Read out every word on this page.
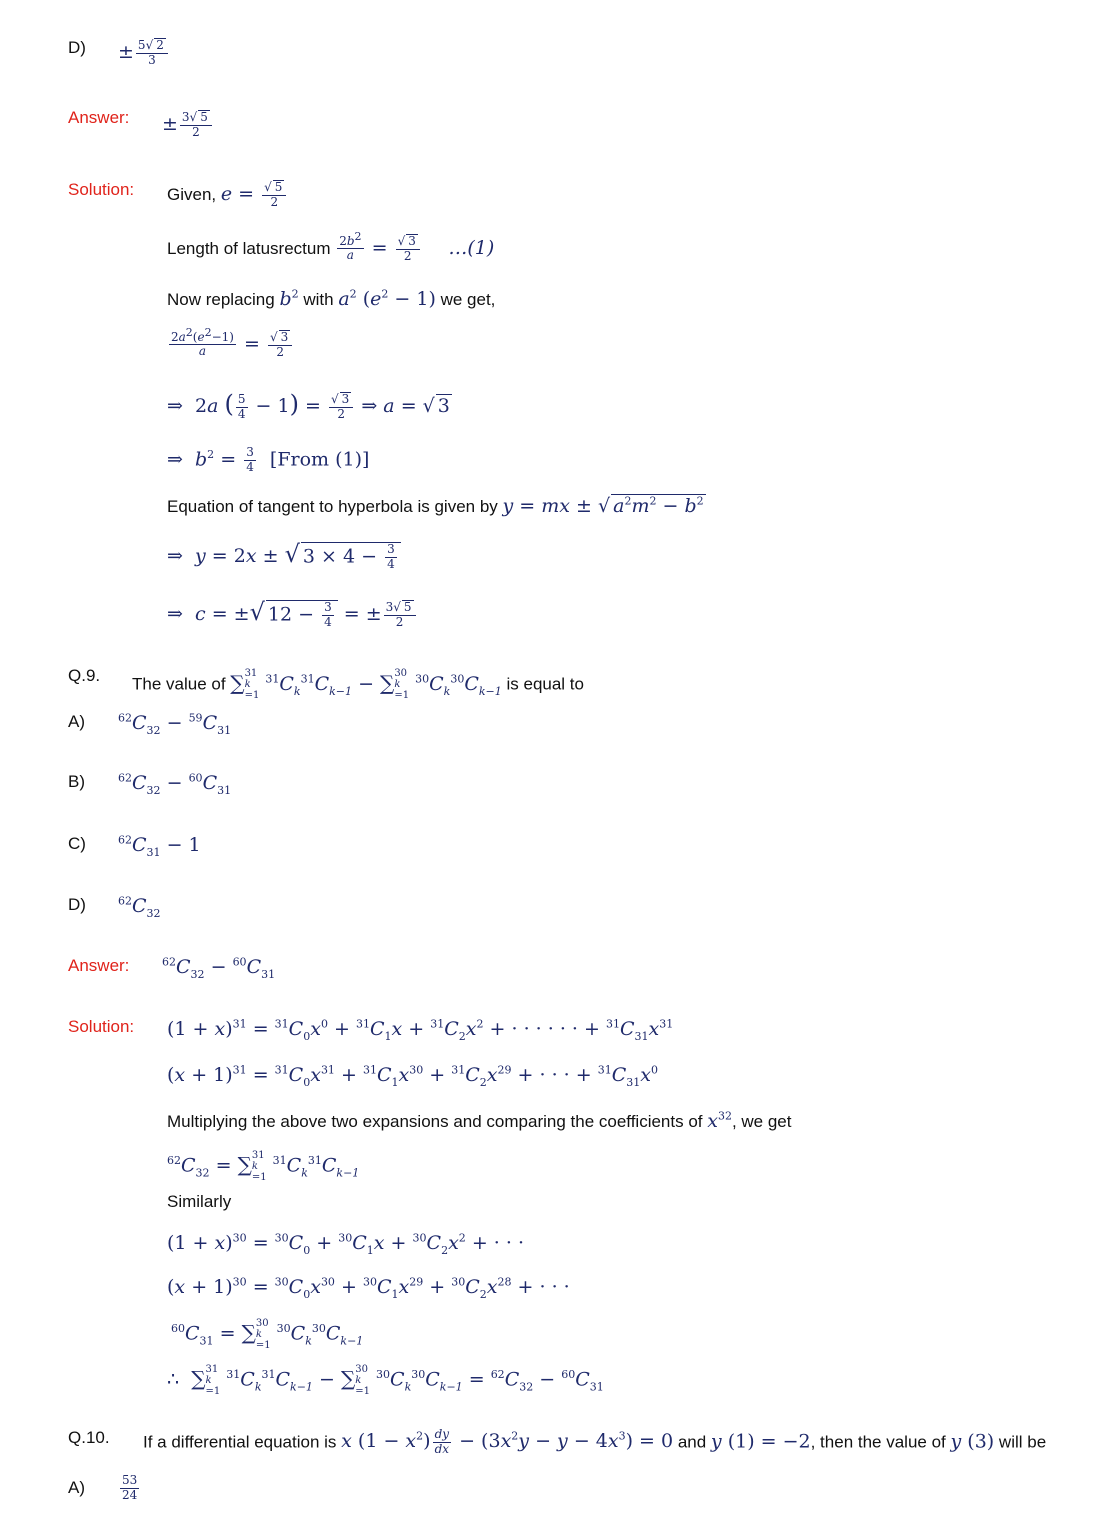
$D) \pm \frac{5√ 2}{3}$
Answer: ± $\frac{3√ 5}{2}$
Solution: Given, $e = \frac{√ 5}{2}$
Length of latusrectum $\frac{2b^2}{a} = \frac{√ 3}{2}$ …(1)
Now replacing $b^2$ with $a^2$ $(e^2 - 1)$ we get,
$\frac{2a^2(e^2-1)}{a} = \frac{√ 3}{2}$
⇒ 2a ( $\frac{5}{4} - 1) = \frac{√ 3}{2}$ ⇒ a = √ 3
⇒  $b^2 = \frac{3}{4}$ [From (1)]
Equation of tangent to hyperbola is given by y = mx ± √ $a^2m^2 - b^2$
⇒  y = 2x ± √ $3 \times 4 - \frac{3}{4}$
⇒  c = ±√ $12 - \frac{3}{4}$ = ± $\frac{3√ 5}{2}$
Q.9. The value of ∑ 31
k
=1
$^{31}C_k^{31}C_{k-1}$ − ∑ 30
k
=1
$^{30}C_k^{30}C_{k-1}$ is equal to
A)	$^{62}C_{32} - ^{59}C_{31}$
B)	$^{62}C_{32} - ^{60}C_{31}$
C)	$^{62}C_{31} - 1$
D)	$^{62}C_{32}$
Answer:	$^{62}C_{32} - ^{60}C_{31}$
Solution: $(1 + x)^{31} = ^{31}C_0x^0 + ^{31}C_1x + ^{31}C_2x^2$ + · · · · · · + $^{31}C_{31}x^{31}$
$(x + 1)^{31} = ^{31}C_0x^{31} + ^{31}C_1x^{30} + ^{31}C_2x^{29}$ + · · · + $^{31}C_{31}x^0$
Multiplying the above two expansions and comparing the coefficients of $x^{32}$, we get
$^{62}C_{32}$ = ∑ 31
k
=1
$^{31}C_k^{31}C_{k-1}$
Similarly
$(1 + x)^{30} = ^{30}C_0 + ^{30}C_1x + ^{30}C_2x^2$ + · · ·
$(x + 1)^{30} = ^{30}C_0x^{30} + ^{30}C_1x^{29} + ^{30}C_2x^{28}$ + · · ·
$^{60}C_{31}$ = ∑ 30
k
=1
$^{30}C_k^{30}C_{k-1}$
∴ ∑ 31
k
=1
$^{31}C_k^{31}C_{k-1}$ − ∑ 30
k
=1
$^{30}C_k^{30}C_{k-1} = ^{62}C_{32} - ^{60}C_{31}$
Q.10. If a differential equation is x $(1 - x^2) \frac{dy}{dx} - (3x^2y - y - 4x^3) = 0$ and y (1) = −2, then the value of y (3) will be
A)	$\frac{53}{24}$
